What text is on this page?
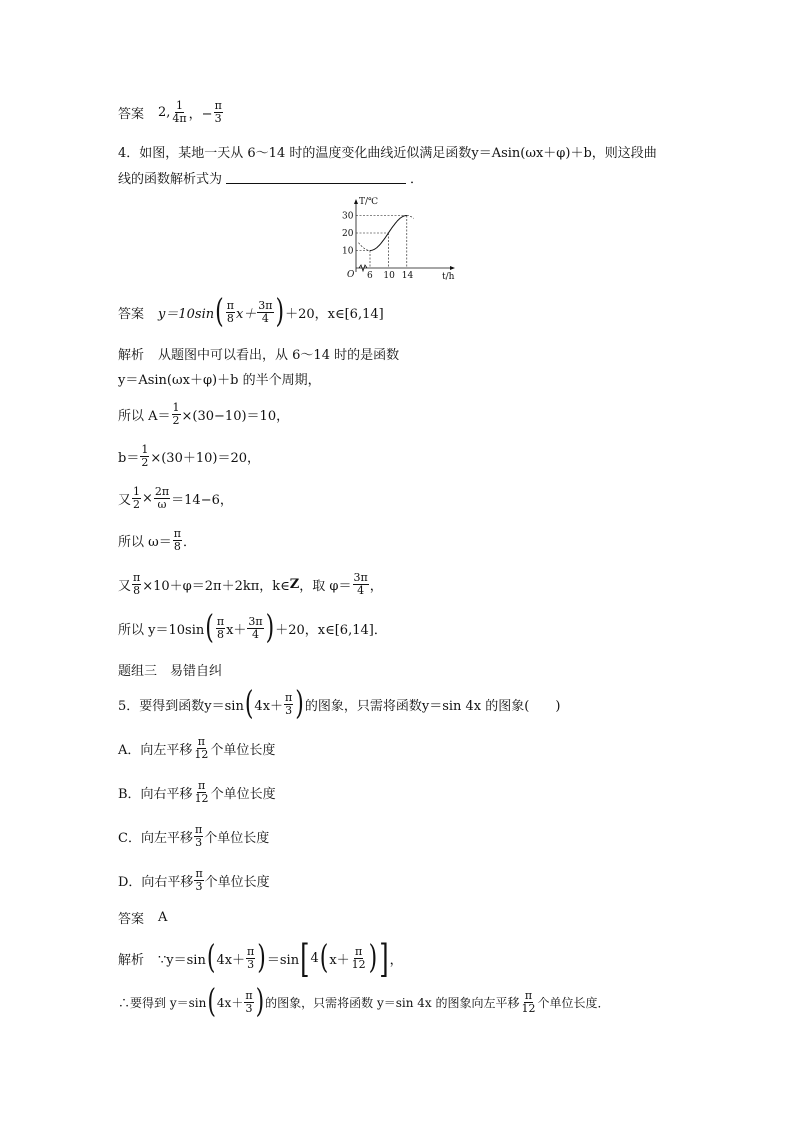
答案 2, $\frac{1}{4\pi}$ ，− $\frac{\pi}{3}$
4．如图，某地一天从 6～14 时的温度变化曲线近似满足函数y＝Asin(ωx＋φ)＋b，则这段曲
线的函数解析式为	．
T/℃
t/h
O
10
20
30
6 10 14
答案 y＝10sin ( $\frac{\pi}{8} x+ \frac{3\pi}{4}$ ) ＋20，x∈[6,14]
解析 从题图中可以看出，从 6～14 时的是函数
y＝Asin(ωx＋φ)＋b 的半个周期，
所以 $A= \frac{1}{2} \times(30-10)=10$，
$b= \frac{1}{2} \times(30+10)=20$，
又 $\frac{1}{2} \times \frac{2\pi}{\omega} =14-6$，
所以 $\omega= \frac{\pi}{8}$ ．
又 $\frac{\pi}{8} \times 10+\varphi=2\pi+2k\pi$，k∈ Z ，取 $\varphi= \frac{3\pi}{4}$ ，
所以 y＝10sin ( $\frac{\pi}{8} x+ \frac{3\pi}{4}$ ) ＋20，x∈[6,14]．
题组三　易错自纠
5．要得到函数y＝sin ( $4x+ \frac{\pi}{3}$ ) 的图象，只需将函数y＝sin 4x 的图象(　　)
A．向左平移 $\frac{\pi}{12}$ 个单位长度
B．向右平移 $\frac{\pi}{12}$ 个单位长度
C．向左平移 $\frac{\pi}{3}$ 个单位长度
D．向右平移 $\frac{\pi}{3}$ 个单位长度
答案 A
解析 ∵y＝sin ( $4x+ \frac{\pi}{3}$ ) ＝sin [ 4 ( $x+ \frac{\pi}{12}$ ) ] ，
∴要得到 y＝sin ( $4x+ \frac{\pi}{3}$ ) 的图象，只需将函数 y＝sin 4x 的图象向左平移 $\frac{\pi}{12}$ 个单位长度．
